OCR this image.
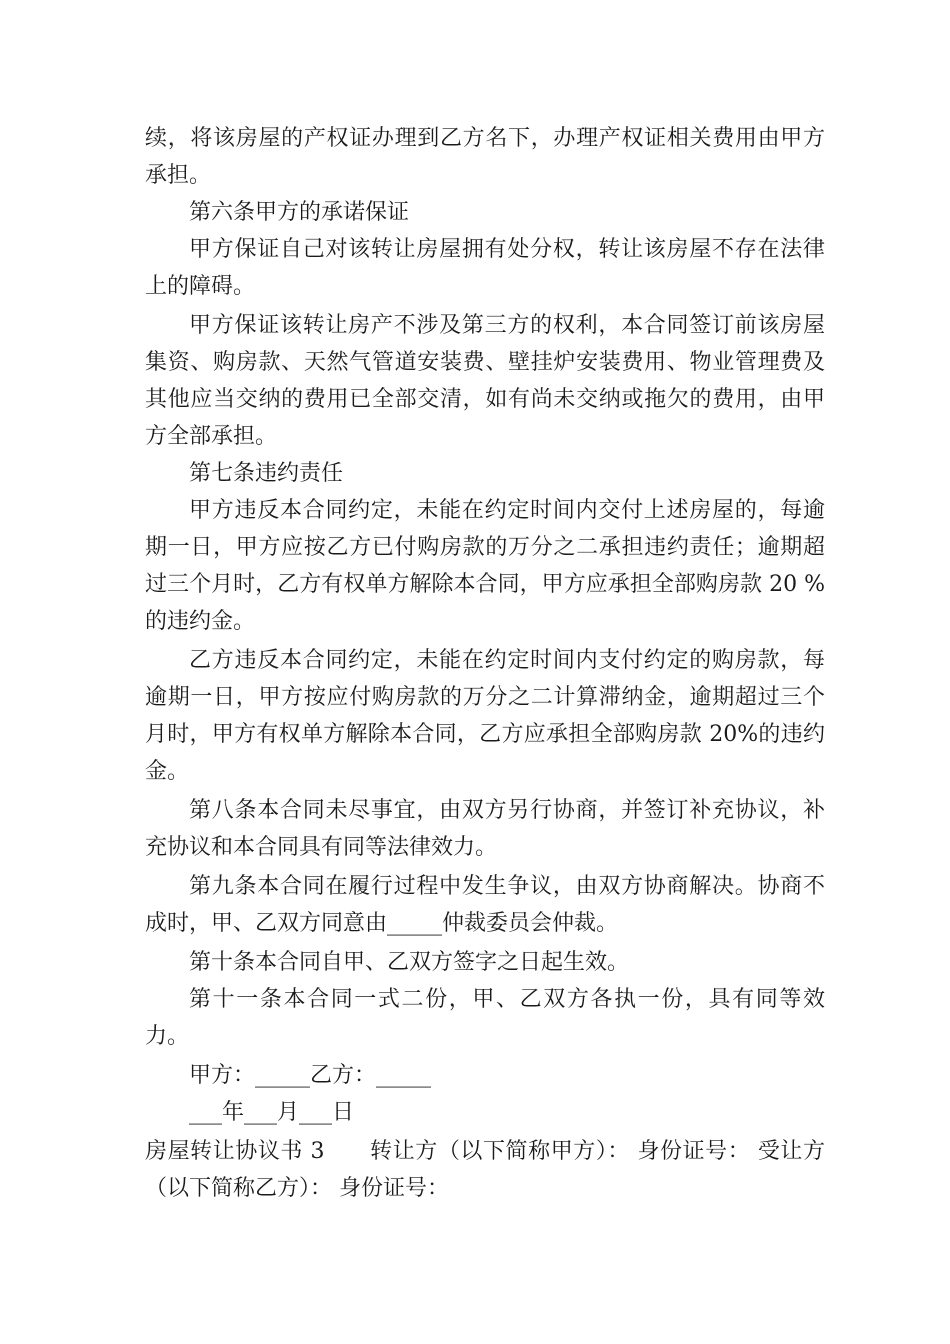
续，将该房屋的产权证办理到乙方名下，办理产权证相关费用由甲方承担。

第六条甲方的承诺保证

甲方保证自己对该转让房屋拥有处分权，转让该房屋不存在法律上的障碍。

甲方保证该转让房产不涉及第三方的权利，本合同签订前该房屋集资、购房款、天然气管道安装费、壁挂炉安装费用、物业管理费及其他应当交纳的费用已全部交清，如有尚未交纳或拖欠的费用，由甲方全部承担。

第七条违约责任

甲方违反本合同约定，未能在约定时间内交付上述房屋的，每逾期一日，甲方应按乙方已付购房款的万分之二承担违约责任；逾期超过三个月时，乙方有权单方解除本合同，甲方应承担全部购房款 20 %的违约金。

乙方违反本合同约定，未能在约定时间内支付约定的购房款，每逾期一日，甲方按应付购房款的万分之二计算滞纳金，逾期超过三个月时，甲方有权单方解除本合同，乙方应承担全部购房款 20%的违约金。

第八条本合同未尽事宜，由双方另行协商，并签订补充协议，补充协议和本合同具有同等法律效力。

第九条本合同在履行过程中发生争议，由双方协商解决。协商不成时，甲、乙双方同意由_____仲裁委员会仲裁。

第十条本合同自甲、乙双方签字之日起生效。

第十一条本合同一式二份，甲、乙双方各执一份，具有同等效力。

甲方：_____乙方：_____

___年___月___日

房屋转让协议书 3　　转让方（以下简称甲方）： 身份证号： 受让方（以下简称乙方）： 身份证号：
